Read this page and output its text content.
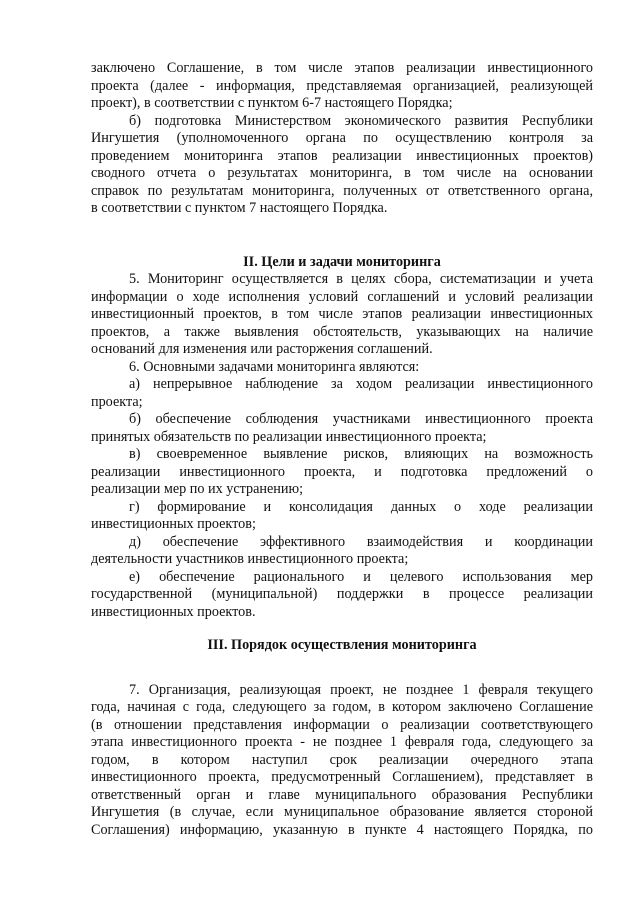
заключено Соглашение, в том числе этапов реализации инвестиционного
проекта (далее - информация, представляемая организацией, реализующей
проект), в соответствии с пунктом 6-7 настоящего Порядка;
б) подготовка Министерством экономического развития Республики
Ингушетия (уполномоченного органа по осуществлению контроля за
проведением мониторинга этапов реализации инвестиционных проектов)
сводного отчета о результатах мониторинга, в том числе на основании
справок по результатам мониторинга, полученных от ответственного органа,
в соответствии с пунктом 7 настоящего Порядка.
II. Цели и задачи мониторинга
5. Мониторинг осуществляется в целях сбора, систематизации и учета
информации о ходе исполнения условий соглашений и условий реализации
инвестиционный проектов, в том числе этапов реализации инвестиционных
проектов, а также выявления обстоятельств, указывающих на наличие
оснований для изменения или расторжения соглашений.
6. Основными задачами мониторинга являются:
а) непрерывное наблюдение за ходом реализации инвестиционного
проекта;
б) обеспечение соблюдения участниками инвестиционного проекта
принятых обязательств по реализации инвестиционного проекта;
в) своевременное выявление рисков, влияющих на возможность
реализации инвестиционного проекта, и подготовка предложений о
реализации мер по их устранению;
г) формирование и консолидация данных о ходе реализации
инвестиционных проектов;
д) обеспечение эффективного взаимодействия и координации
деятельности участников инвестиционного проекта;
е) обеспечение рационального и целевого использования мер
государственной (муниципальной) поддержки в процессе реализации
инвестиционных проектов.
III. Порядок осуществления мониторинга
7. Организация, реализующая проект, не позднее 1 февраля текущего
года, начиная с года, следующего за годом, в котором заключено Соглашение
(в отношении представления информации о реализации соответствующего
этапа инвестиционного проекта - не позднее 1 февраля года, следующего за
годом, в котором наступил срок реализации очередного этапа
инвестиционного проекта, предусмотренный Соглашением), представляет в
ответственный орган и главе муниципального образования Республики
Ингушетия (в случае, если муниципальное образование является стороной
Соглашения) информацию, указанную в пункте 4 настоящего Порядка, по
